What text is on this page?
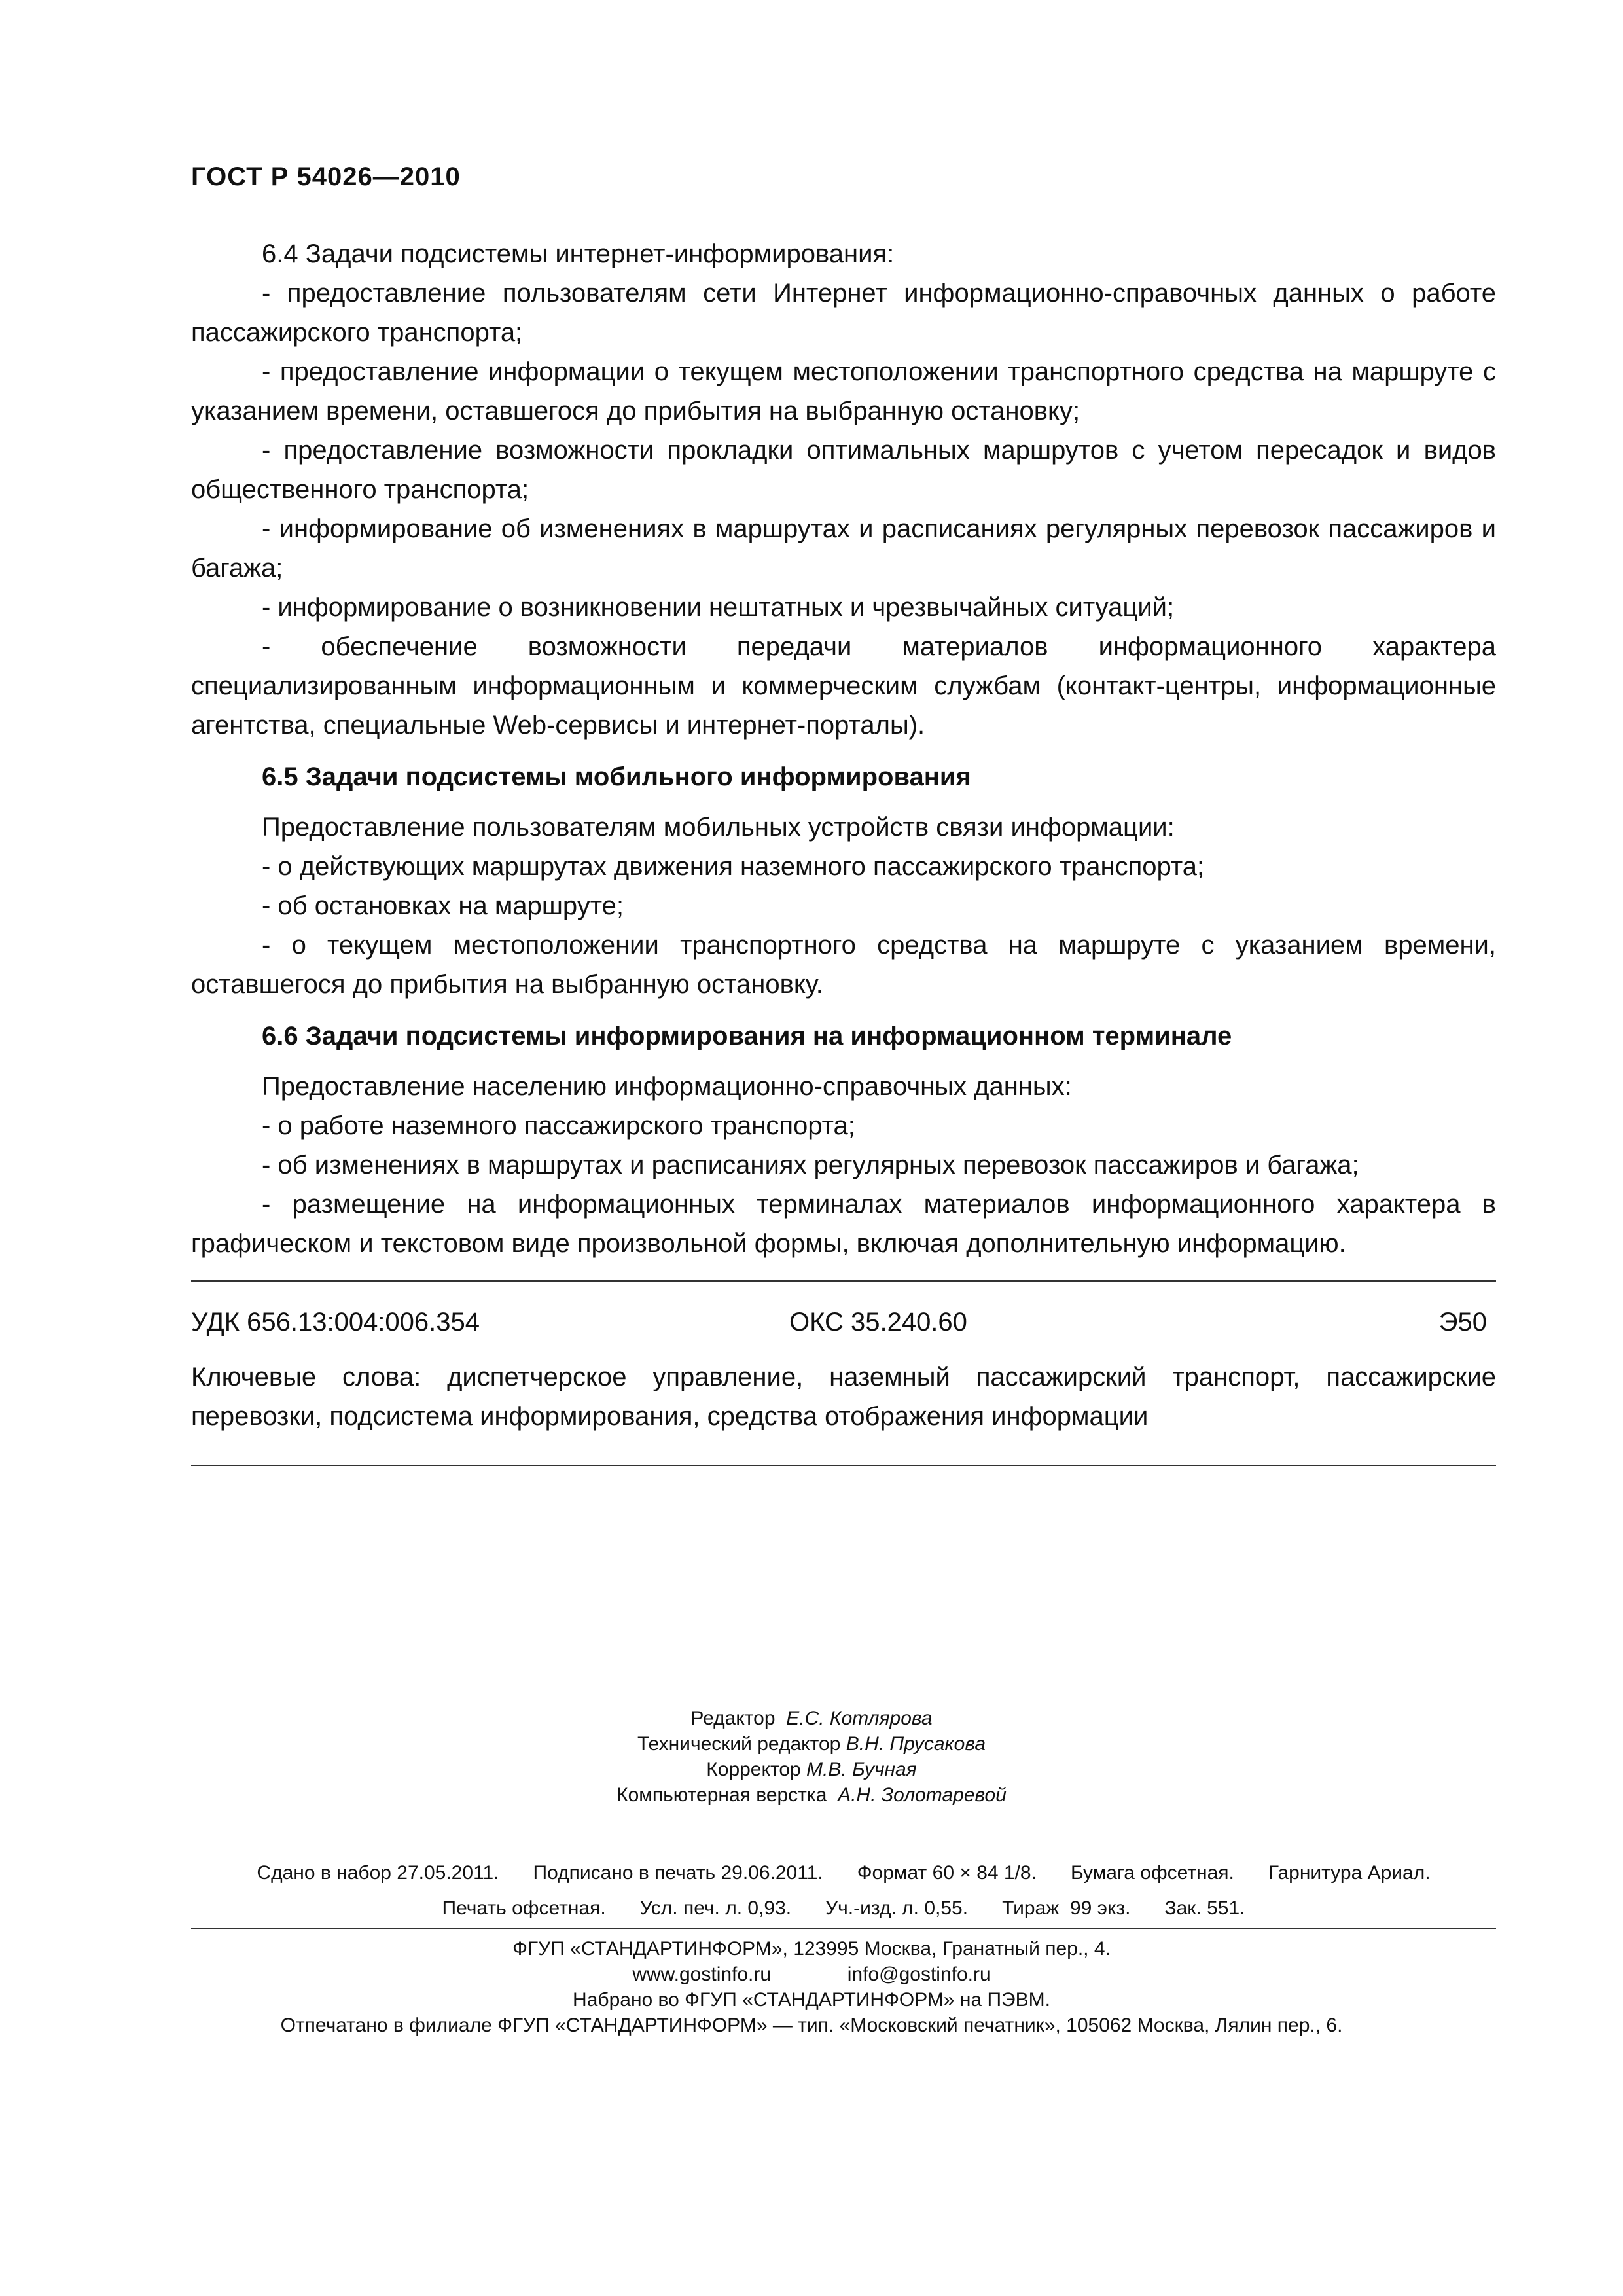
ГОСТ Р 54026—2010

6.4 Задачи подсистемы интернет-информирования:

- предоставление пользователям сети Интернет информационно-справочных данных о работе пассажирского транспорта;

- предоставление информации о текущем местоположении транспортного средства на маршруте с указанием времени, оставшегося до прибытия на выбранную остановку;

- предоставление возможности прокладки оптимальных маршрутов с учетом пересадок и видов общественного транспорта;

- информирование об изменениях в маршрутах и расписаниях регулярных перевозок пассажиров и багажа;

- информирование о возникновении нештатных и чрезвычайных ситуаций;

- обеспечение возможности передачи материалов информационного характера специализированным информационным и коммерческим службам (контакт-центры, информационные агентства, специальные Web-сервисы и интернет-порталы).

6.5 Задачи подсистемы мобильного информирования

Предоставление пользователям мобильных устройств связи информации:

- о действующих маршрутах движения наземного пассажирского транспорта;

- об остановках на маршруте;

- о текущем местоположении транспортного средства на маршруте с указанием времени, оставшегося до прибытия на выбранную остановку.

6.6 Задачи подсистемы информирования на информационном терминале

Предоставление населению информационно-справочных данных:

- о работе наземного пассажирского транспорта;

- об изменениях в маршрутах и расписаниях регулярных перевозок пассажиров и багажа;

- размещение на информационных терминалах материалов информационного характера в графическом и текстовом виде произвольной формы, включая дополнительную информацию.

УДК 656.13:004:006.354	ОКС 35.240.60	Э50
Ключевые слова: диспетчерское управление, наземный пассажирский транспорт, пассажирские перевозки, подсистема информирования, средства отображения информации
Редактор Е.С. Котлярова
Технический редактор В.Н. Прусакова
Корректор М.В. Бучная
Компьютерная верстка А.Н. Золотаревой
Сдано в набор 27.05.2011. Подписано в печать 29.06.2011. Формат 60 × 84 1/8. Бумага офсетная. Гарнитура Ариал.
Печать офсетная. Усл. печ. л. 0,93. Уч.-изд. л. 0,55. Тираж  99 экз. Зак. 551.
ФГУП «СТАНДАРТИНФОРМ», 123995 Москва, Гранатный пер., 4.
www.gostinfo.ru	info@gostinfo.ru
Набрано во ФГУП «СТАНДАРТИНФОРМ» на ПЭВМ.
Отпечатано в филиале ФГУП «СТАНДАРТИНФОРМ» — тип. «Московский печатник», 105062 Москва, Лялин пер., 6.
